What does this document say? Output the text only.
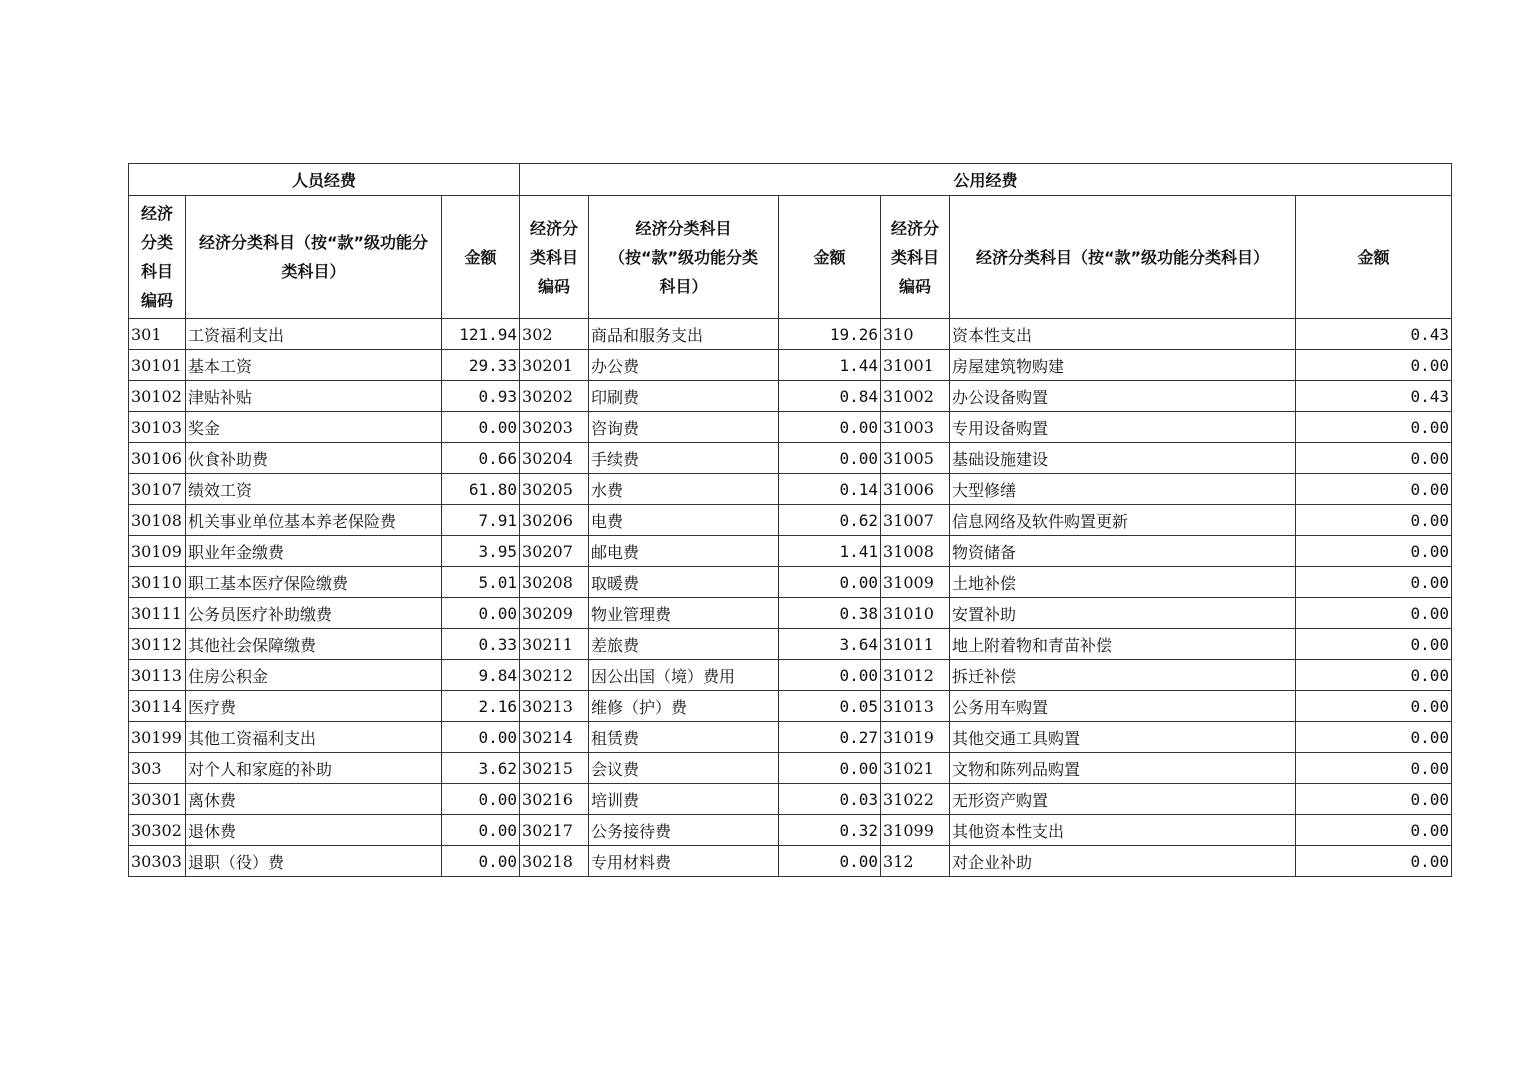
人员经费			公用经费					
经济分类科目编码	经济分类科目（按“款”级功能分类科目）	金额	经济分类科目编码	经济分类科目（按“款”级功能分类科目）	金额	经济分类科目编码	经济分类科目（按“款”级功能分类科目）	金额
301	工资福利支出	121.94	302	商品和服务支出	19.26	310	资本性支出	0.43
30101	基本工资	29.33	30201	办公费	1.44	31001	房屋建筑物购建	0.00
30102	津贴补贴	0.93	30202	印刷费	0.84	31002	办公设备购置	0.43
30103	奖金	0.00	30203	咨询费	0.00	31003	专用设备购置	0.00
30106	伙食补助费	0.66	30204	手续费	0.00	31005	基础设施建设	0.00
30107	绩效工资	61.80	30205	水费	0.14	31006	大型修缮	0.00
30108	机关事业单位基本养老保险费	7.91	30206	电费	0.62	31007	信息网络及软件购置更新	0.00
30109	职业年金缴费	3.95	30207	邮电费	1.41	31008	物资储备	0.00
30110	职工基本医疗保险缴费	5.01	30208	取暖费	0.00	31009	土地补偿	0.00
30111	公务员医疗补助缴费	0.00	30209	物业管理费	0.38	31010	安置补助	0.00
30112	其他社会保障缴费	0.33	30211	差旅费	3.64	31011	地上附着物和青苗补偿	0.00
30113	住房公积金	9.84	30212	因公出国（境）费用	0.00	31012	拆迁补偿	0.00
30114	医疗费	2.16	30213	维修（护）费	0.05	31013	公务用车购置	0.00
30199	其他工资福利支出	0.00	30214	租赁费	0.27	31019	其他交通工具购置	0.00
303	对个人和家庭的补助	3.62	30215	会议费	0.00	31021	文物和陈列品购置	0.00
30301	离休费	0.00	30216	培训费	0.03	31022	无形资产购置	0.00
30302	退休费	0.00	30217	公务接待费	0.32	31099	其他资本性支出	0.00
30303	退职（役）费	0.00	30218	专用材料费	0.00	312	对企业补助	0.00
